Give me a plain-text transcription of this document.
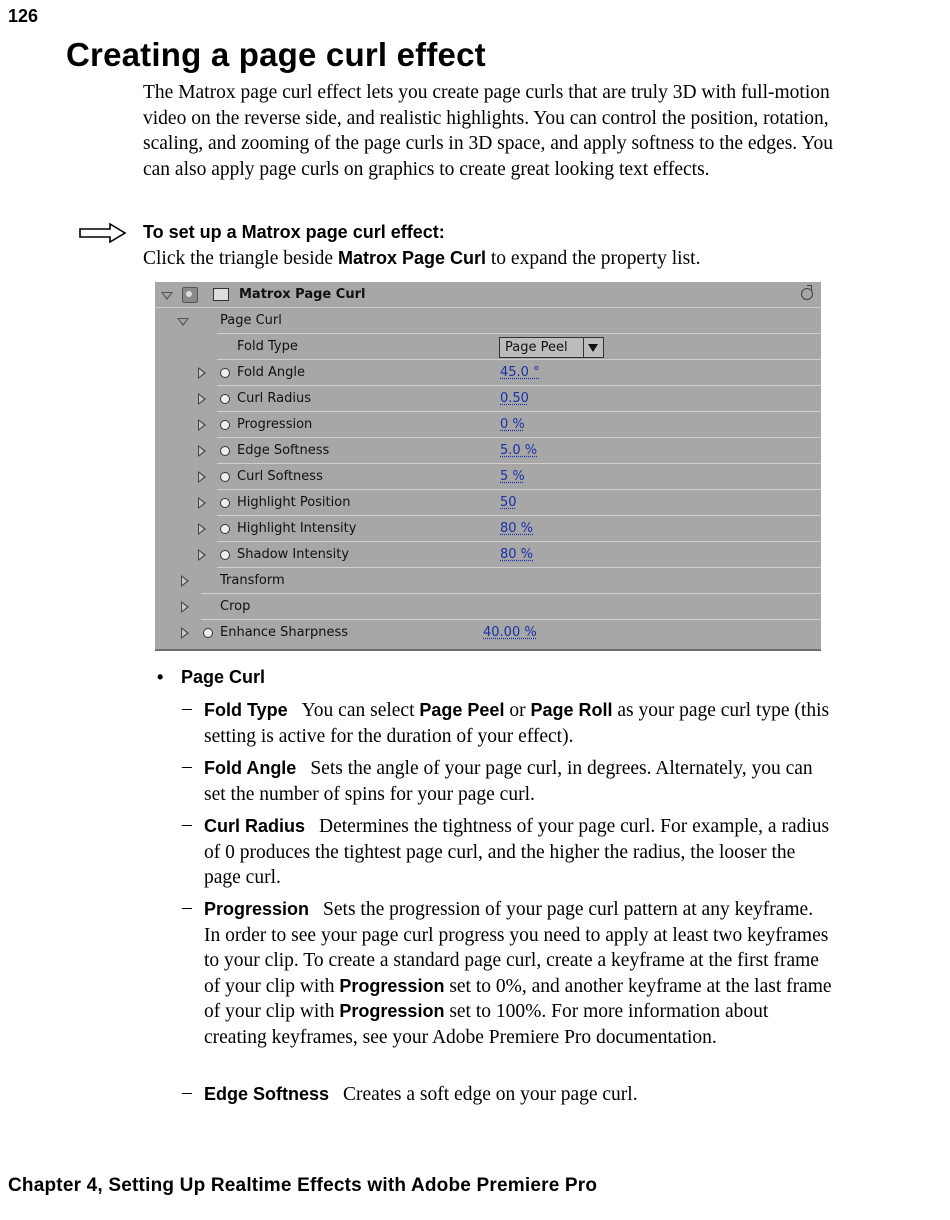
126
Creating a page curl effect

The Matrox page curl effect lets you create page curls that are truly 3D with full-motion video on the reverse side, and realistic highlights. You can control the position, rotation, scaling, and zooming of the page curls in 3D space, and apply softness to the edges. You can also apply page curls on graphics to create great looking text effects.

To set up a Matrox page curl effect:
Click the triangle beside Matrox Page Curl to expand the property list.
Matrox Page Curl
Page Curl
Fold Type	Page Peel
Fold Angle	45.0 °
Curl Radius	0.50
Progression	0 %
Edge Softness	5.0 %
Curl Softness	5 %
Highlight Position	50
Highlight Intensity	80 %
Shadow Intensity	80 %
Transform
Crop
Enhance Sharpness	40.00 %
• Page Curl
– Fold Type You can select Page Peel or Page Roll as your page curl type (this setting is active for the duration of your effect).

– Fold Angle Sets the angle of your page curl, in degrees. Alternately, you can set the number of spins for your page curl.

– Curl Radius Determines the tightness of your page curl. For example, a radius of 0 produces the tightest page curl, and the higher the radius, the looser the page curl.

– Progression Sets the progression of your page curl pattern at any keyframe. In order to see your page curl progress you need to apply at least two keyframes to your clip. To create a standard page curl, create a keyframe at the first frame of your clip with Progression set to 0%, and another keyframe at the last frame of your clip with Progression set to 100%. For more information about creating keyframes, see your Adobe Premiere Pro documentation.

– Edge Softness Creates a soft edge on your page curl.

Chapter 4, Setting Up Realtime Effects with Adobe Premiere Pro
